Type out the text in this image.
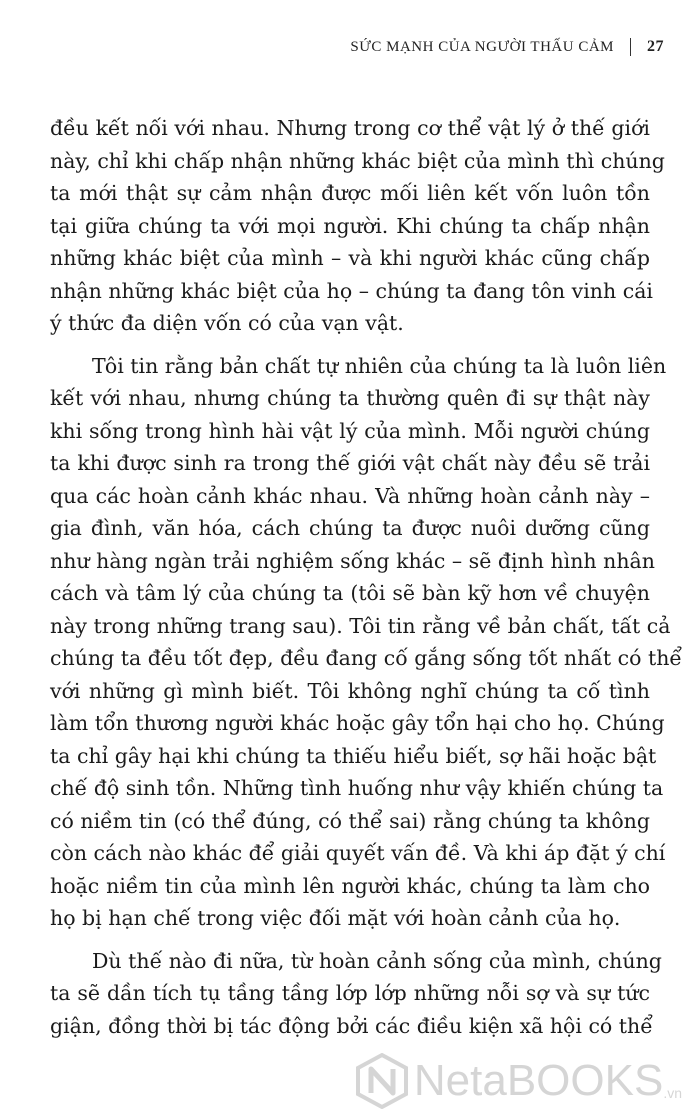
SỨC MẠNH CỦA NGƯỜI THẤU CẢM 27
đều kết nối với nhau. Nhưng trong cơ thể vật lý ở thế giới
này, chỉ khi chấp nhận những khác biệt của mình thì chúng
ta mới thật sự cảm nhận được mối liên kết vốn luôn tồn
tại giữa chúng ta với mọi người. Khi chúng ta chấp nhận
những khác biệt của mình – và khi người khác cũng chấp
nhận những khác biệt của họ – chúng ta đang tôn vinh cái
ý thức đa diện vốn có của vạn vật.
Tôi tin rằng bản chất tự nhiên của chúng ta là luôn liên
kết với nhau, nhưng chúng ta thường quên đi sự thật này
khi sống trong hình hài vật lý của mình. Mỗi người chúng
ta khi được sinh ra trong thế giới vật chất này đều sẽ trải
qua các hoàn cảnh khác nhau. Và những hoàn cảnh này –
gia đình, văn hóa, cách chúng ta được nuôi dưỡng cũng
như hàng ngàn trải nghiệm sống khác – sẽ định hình nhân
cách và tâm lý của chúng ta (tôi sẽ bàn kỹ hơn về chuyện
này trong những trang sau). Tôi tin rằng về bản chất, tất cả
chúng ta đều tốt đẹp, đều đang cố gắng sống tốt nhất có thể
với những gì mình biết. Tôi không nghĩ chúng ta cố tình
làm tổn thương người khác hoặc gây tổn hại cho họ. Chúng
ta chỉ gây hại khi chúng ta thiếu hiểu biết, sợ hãi hoặc bật
chế độ sinh tồn. Những tình huống như vậy khiến chúng ta
có niềm tin (có thể đúng, có thể sai) rằng chúng ta không
còn cách nào khác để giải quyết vấn đề. Và khi áp đặt ý chí
hoặc niềm tin của mình lên người khác, chúng ta làm cho
họ bị hạn chế trong việc đối mặt với hoàn cảnh của họ.
Dù thế nào đi nữa, từ hoàn cảnh sống của mình, chúng
ta sẽ dần tích tụ tầng tầng lớp lớp những nỗi sợ và sự tức
giận, đồng thời bị tác động bởi các điều kiện xã hội có thể
NetaBOOKS .vn
